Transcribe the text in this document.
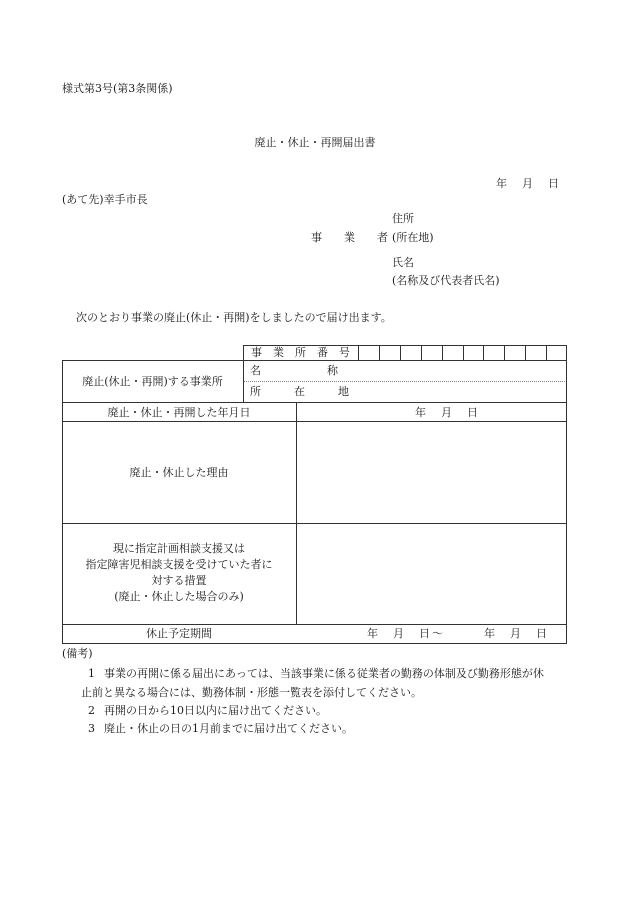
様式第3号(第3条関係)
廃止・休止・再開届出書
年　月　日
(あて先)幸手市長
住所
事　　業　　者 (所在地)
氏名
(名称及び代表者氏名)
次のとおり事業の廃止(休止・再開)をしましたので届け出ます。
事　業　所　番　号
廃止(休止・再開)する事業所
名　　　　　　称
所　　　在　　　地
廃止・休止・再開した年月日	年　月　日
廃止・休止した理由
現に指定計画相談支援又は
指定障害児相談支援を受けていた者に
対する措置
(廃止・休止した場合のみ)
休止予定期間	年　月　日～　　　年　月　日
(備考)
1 事業の再開に係る届出にあっては、当該事業に係る従業者の勤務の体制及び勤務形態が休
止前と異なる場合には、勤務体制・形態一覧表を添付してください。
2 再開の日から10日以内に届け出てください。
3 廃止・休止の日の1月前までに届け出てください。
